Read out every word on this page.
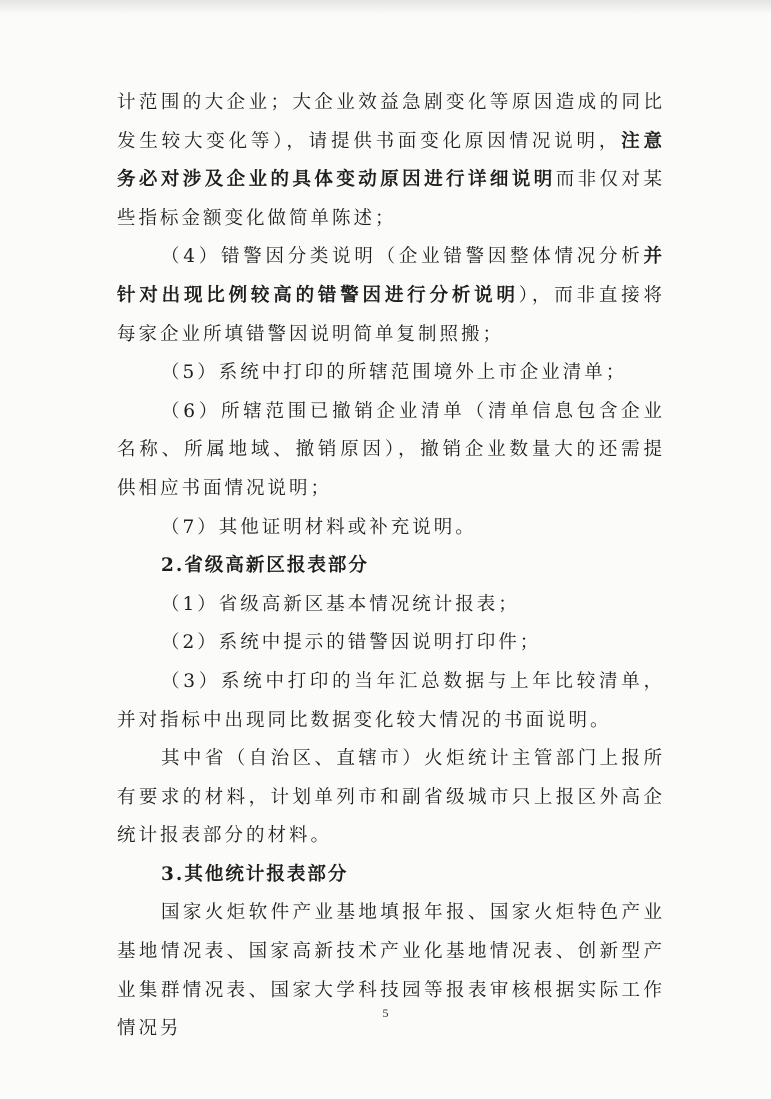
计范围的大企业；大企业效益急剧变化等原因造成的同比发生较大变化等），请提供书面变化原因情况说明，注意务必对涉及企业的具体变动原因进行详细说明而非仅对某些指标金额变化做简单陈述；

（4）错警因分类说明（企业错警因整体情况分析并针对出现比例较高的错警因进行分析说明），而非直接将每家企业所填错警因说明简单复制照搬；

（5）系统中打印的所辖范围境外上市企业清单；

（6）所辖范围已撤销企业清单（清单信息包含企业名称、所属地域、撤销原因），撤销企业数量大的还需提供相应书面情况说明；

（7）其他证明材料或补充说明。

2.省级高新区报表部分

（1）省级高新区基本情况统计报表；

（2）系统中提示的错警因说明打印件；

（3）系统中打印的当年汇总数据与上年比较清单，并对指标中出现同比数据变化较大情况的书面说明。

其中省（自治区、直辖市）火炬统计主管部门上报所有要求的材料，计划单列市和副省级城市只上报区外高企统计报表部分的材料。

3.其他统计报表部分

国家火炬软件产业基地填报年报、国家火炬特色产业基地情况表、国家高新技术产业化基地情况表、创新型产业集群情况表、国家大学科技园等报表审核根据实际工作情况另

5
